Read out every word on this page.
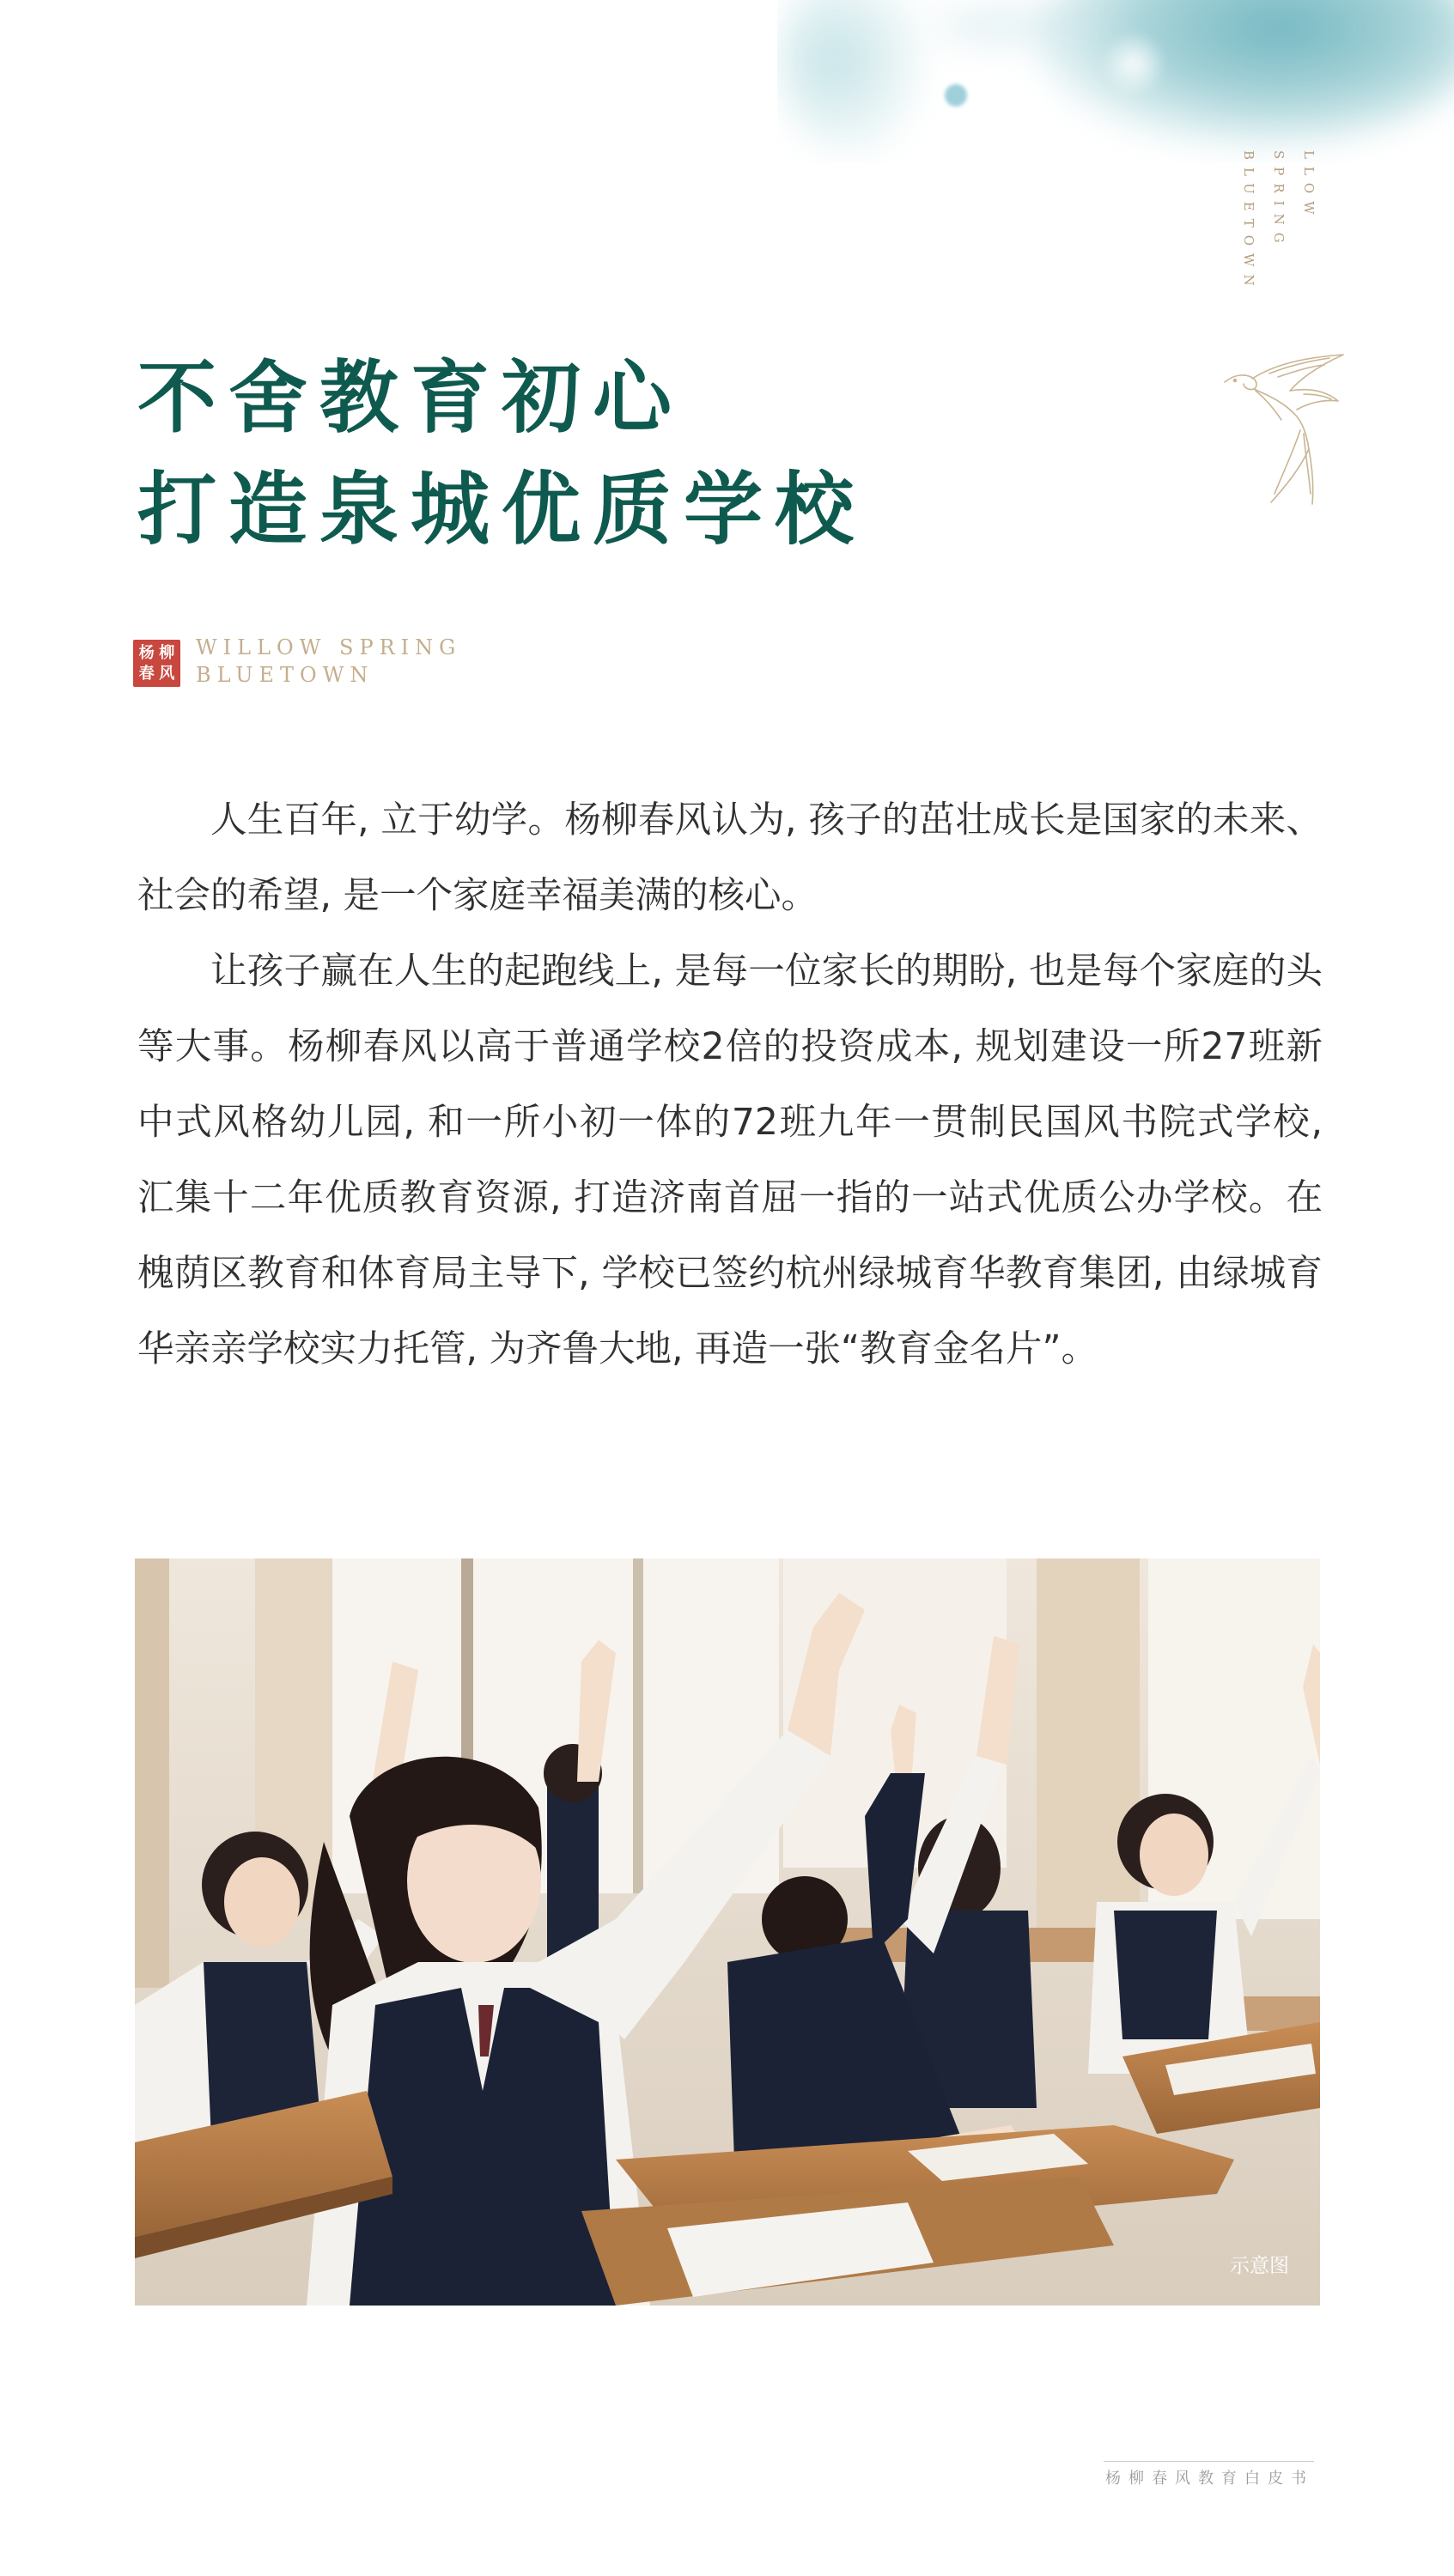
LLOW
SPRING
BLUETOWN
不舍教育初心
打造泉城优质学校
杨 柳
春 风
WILLOW SPRING
BLUETOWN

人生百年, 立于幼学。杨柳春风认为, 孩子的茁壮成长是国家的未来、社会的希望, 是一个家庭幸福美满的核心。

让孩子赢在人生的起跑线上, 是每一位家长的期盼, 也是每个家庭的头等大事。杨柳春风以高于普通学校2倍的投资成本, 规划建设一所27班新中式风格幼儿园, 和一所小初一体的72班九年一贯制民国风书院式学校, 汇集十二年优质教育资源, 打造济南首屈一指的一站式优质公办学校。在槐荫区教育和体育局主导下, 学校已签约杭州绿城育华教育集团, 由绿城育华亲亲学校实力托管, 为齐鲁大地, 再造一张“教育金名片”。

示意图
杨柳春风教育白皮书
